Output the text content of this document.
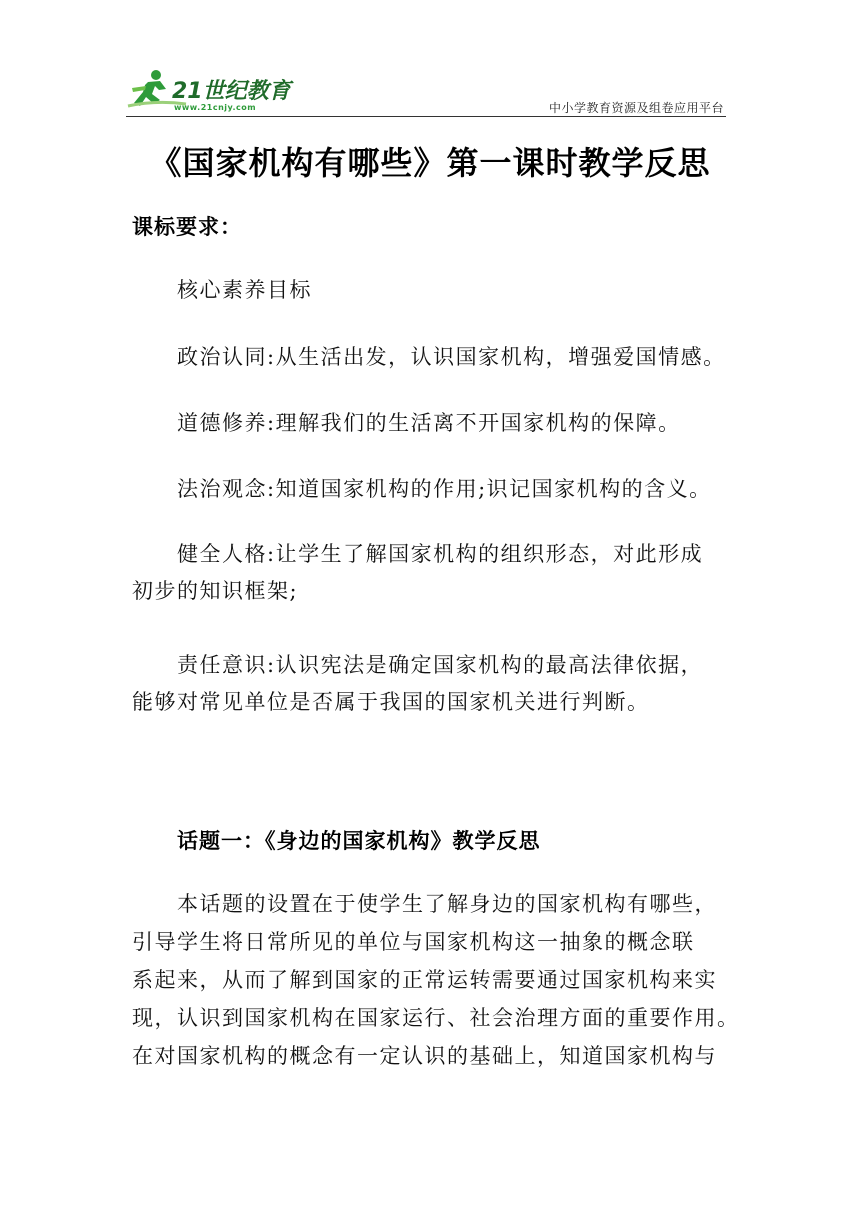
21世纪教育
www.21cnjy.com	中小学教育资源及组卷应用平台
《国家机构有哪些》第一课时教学反思
课标要求：
核心素养目标
政治认同:从生活出发，认识国家机构，增强爱国情感。
道德修养:理解我们的生活离不开国家机构的保障。
法治观念:知道国家机构的作用;识记国家机构的含义。
健全人格:让学生了解国家机构的组织形态，对此形成
初步的知识框架;
责任意识:认识宪法是确定国家机构的最高法律依据，
能够对常见单位是否属于我国的国家机关进行判断。
话题一：《身边的国家机构》教学反思
本话题的设置在于使学生了解身边的国家机构有哪些，
引导学生将日常所见的单位与国家机构这一抽象的概念联
系起来，从而了解到国家的正常运转需要通过国家机构来实
现，认识到国家机构在国家运行、社会治理方面的重要作用。
在对国家机构的概念有一定认识的基础上，知道国家机构与
